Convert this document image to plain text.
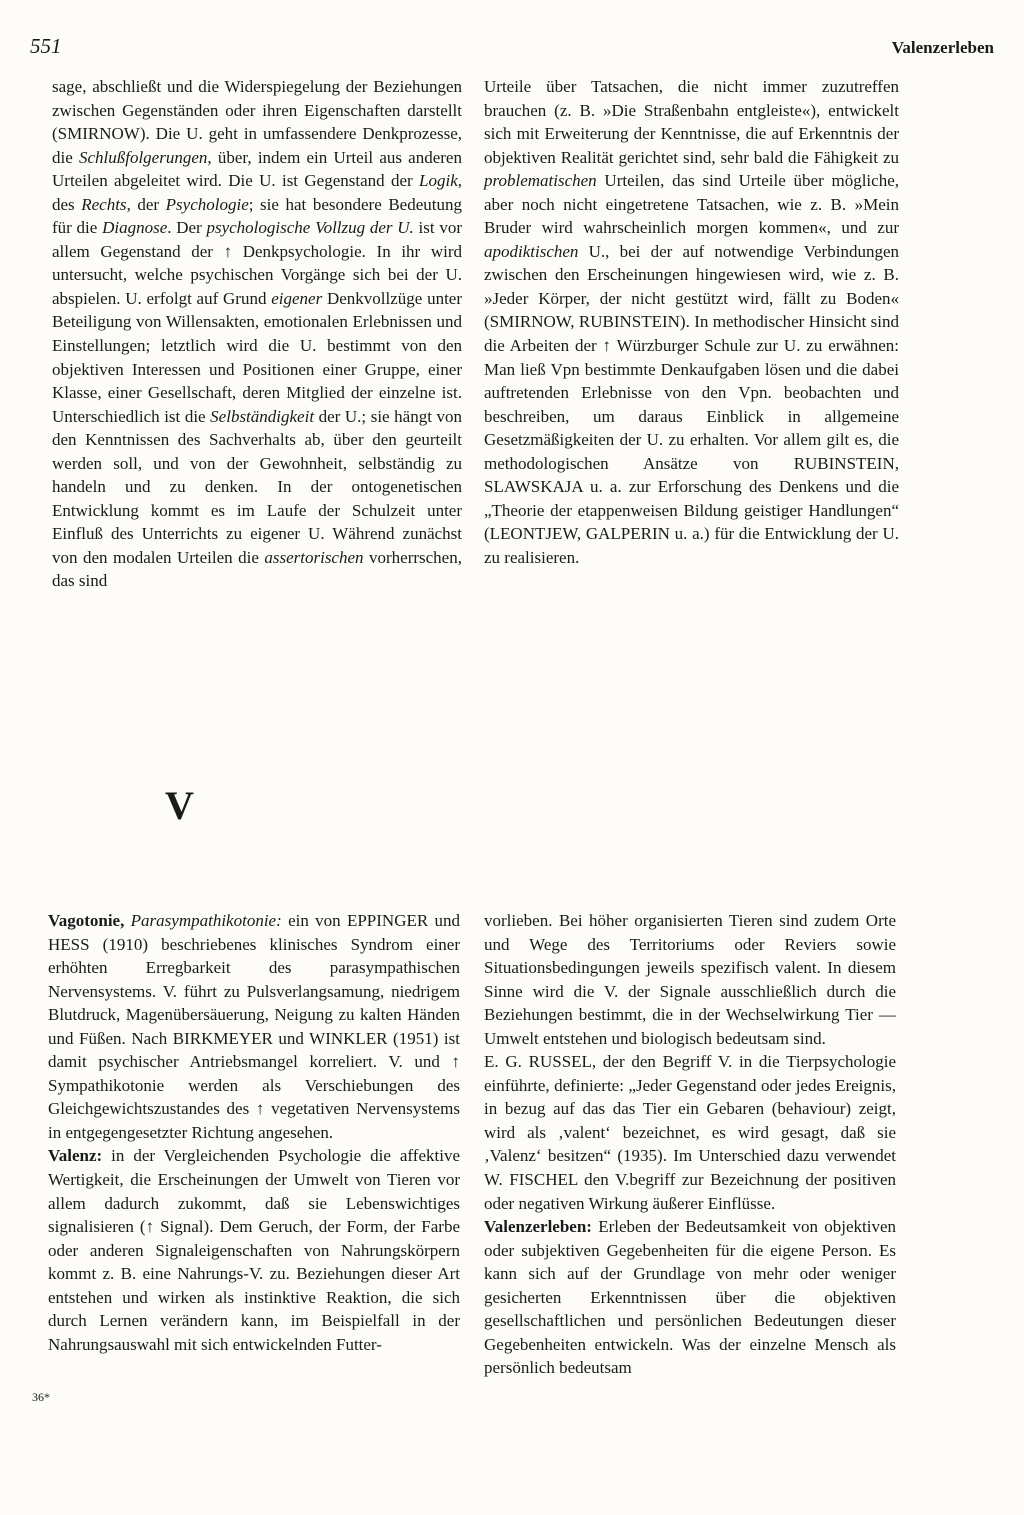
551	Valenzerleben

sage, abschließt und die Widerspiegelung der Beziehungen zwischen Gegenständen oder ihren Eigenschaften darstellt (SMIRNOW). Die U. geht in umfassendere Denkprozesse, die Schlußfolgerungen, über, indem ein Urteil aus anderen Urteilen abgeleitet wird. Die U. ist Gegenstand der Logik, des Rechts, der Psychologie; sie hat besondere Bedeutung für die Diagnose. Der psychologische Vollzug der U. ist vor allem Gegenstand der ↑ Denkpsychologie. In ihr wird untersucht, welche psychischen Vorgänge sich bei der U. abspielen. U. erfolgt auf Grund eigener Denkvollzüge unter Beteiligung von Willensakten, emotionalen Erlebnissen und Einstellungen; letztlich wird die U. bestimmt von den objektiven Interessen und Positionen einer Gruppe, einer Klasse, einer Gesellschaft, deren Mitglied der einzelne ist. Unterschiedlich ist die Selbständigkeit der U.; sie hängt von den Kenntnissen des Sachverhalts ab, über den geurteilt werden soll, und von der Gewohnheit, selbständig zu handeln und zu denken. In der ontogenetischen Entwicklung kommt es im Laufe der Schulzeit unter Einfluß des Unterrichts zu eigener U. Während zunächst von den modalen Urteilen die assertorischen vorherrschen, das sind

Urteile über Tatsachen, die nicht immer zuzutreffen brauchen (z. B. »Die Straßenbahn entgleiste«), entwickelt sich mit Erweiterung der Kenntnisse, die auf Erkenntnis der objektiven Realität gerichtet sind, sehr bald die Fähigkeit zu problematischen Urteilen, das sind Urteile über mögliche, aber noch nicht eingetretene Tatsachen, wie z. B. »Mein Bruder wird wahrscheinlich morgen kommen«, und zur apodiktischen U., bei der auf notwendige Verbindungen zwischen den Erscheinungen hingewiesen wird, wie z. B. »Jeder Körper, der nicht gestützt wird, fällt zu Boden« (SMIRNOW, RUBINSTEIN). In methodischer Hinsicht sind die Arbeiten der ↑ Würzburger Schule zur U. zu erwähnen: Man ließ Vpn bestimmte Denkaufgaben lösen und die dabei auftretenden Erlebnisse von den Vpn. beobachten und beschreiben, um daraus Einblick in allgemeine Gesetzmäßigkeiten der U. zu erhalten. Vor allem gilt es, die methodologischen Ansätze von RUBINSTEIN, SLAWSKAJA u. a. zur Erforschung des Denkens und die „Theorie der etappenweisen Bildung geistiger Handlungen“ (LEONTJEW, GALPERIN u. a.) für die Entwicklung der U. zu realisieren.

V

Vagotonie, Parasympathikotonie: ein von EPPINGER und HESS (1910) beschriebenes klinisches Syndrom einer erhöhten Erregbarkeit des parasympathischen Nervensystems. V. führt zu Pulsverlangsamung, niedrigem Blutdruck, Magenübersäuerung, Neigung zu kalten Händen und Füßen. Nach BIRKMEYER und WINKLER (1951) ist damit psychischer Antriebsmangel korreliert. V. und ↑ Sympathikotonie werden als Verschiebungen des Gleichgewichtszustandes des ↑ vegetativen Nervensystems in entgegengesetzter Richtung angesehen.

Valenz: in der Vergleichenden Psychologie die affektive Wertigkeit, die Erscheinungen der Umwelt von Tieren vor allem dadurch zukommt, daß sie Lebenswichtiges signalisieren (↑ Signal). Dem Geruch, der Form, der Farbe oder anderen Signaleigenschaften von Nahrungskörpern kommt z. B. eine Nahrungs-V. zu. Beziehungen dieser Art entstehen und wirken als instinktive Reaktion, die sich durch Lernen verändern kann, im Beispielfall in der Nahrungsauswahl mit sich entwickelnden Futter-

vorlieben. Bei höher organisierten Tieren sind zudem Orte und Wege des Territoriums oder Reviers sowie Situationsbedingungen jeweils spezifisch valent. In diesem Sinne wird die V. der Signale ausschließlich durch die Beziehungen bestimmt, die in der Wechselwirkung Tier — Umwelt entstehen und biologisch bedeutsam sind.

E. G. RUSSEL, der den Begriff V. in die Tierpsychologie einführte, definierte: „Jeder Gegenstand oder jedes Ereignis, in bezug auf das das Tier ein Gebaren (behaviour) zeigt, wird als ‚valent‘ bezeichnet, es wird gesagt, daß sie ‚Valenz‘ besitzen“ (1935). Im Unterschied dazu verwendet W. FISCHEL den V.begriff zur Bezeichnung der positiven oder negativen Wirkung äußerer Einflüsse.

Valenzerleben: Erleben der Bedeutsamkeit von objektiven oder subjektiven Gegebenheiten für die eigene Person. Es kann sich auf der Grundlage von mehr oder weniger gesicherten Erkenntnissen über die objektiven gesellschaftlichen und persönlichen Bedeutungen dieser Gegebenheiten entwickeln. Was der einzelne Mensch als persönlich bedeutsam

36*
